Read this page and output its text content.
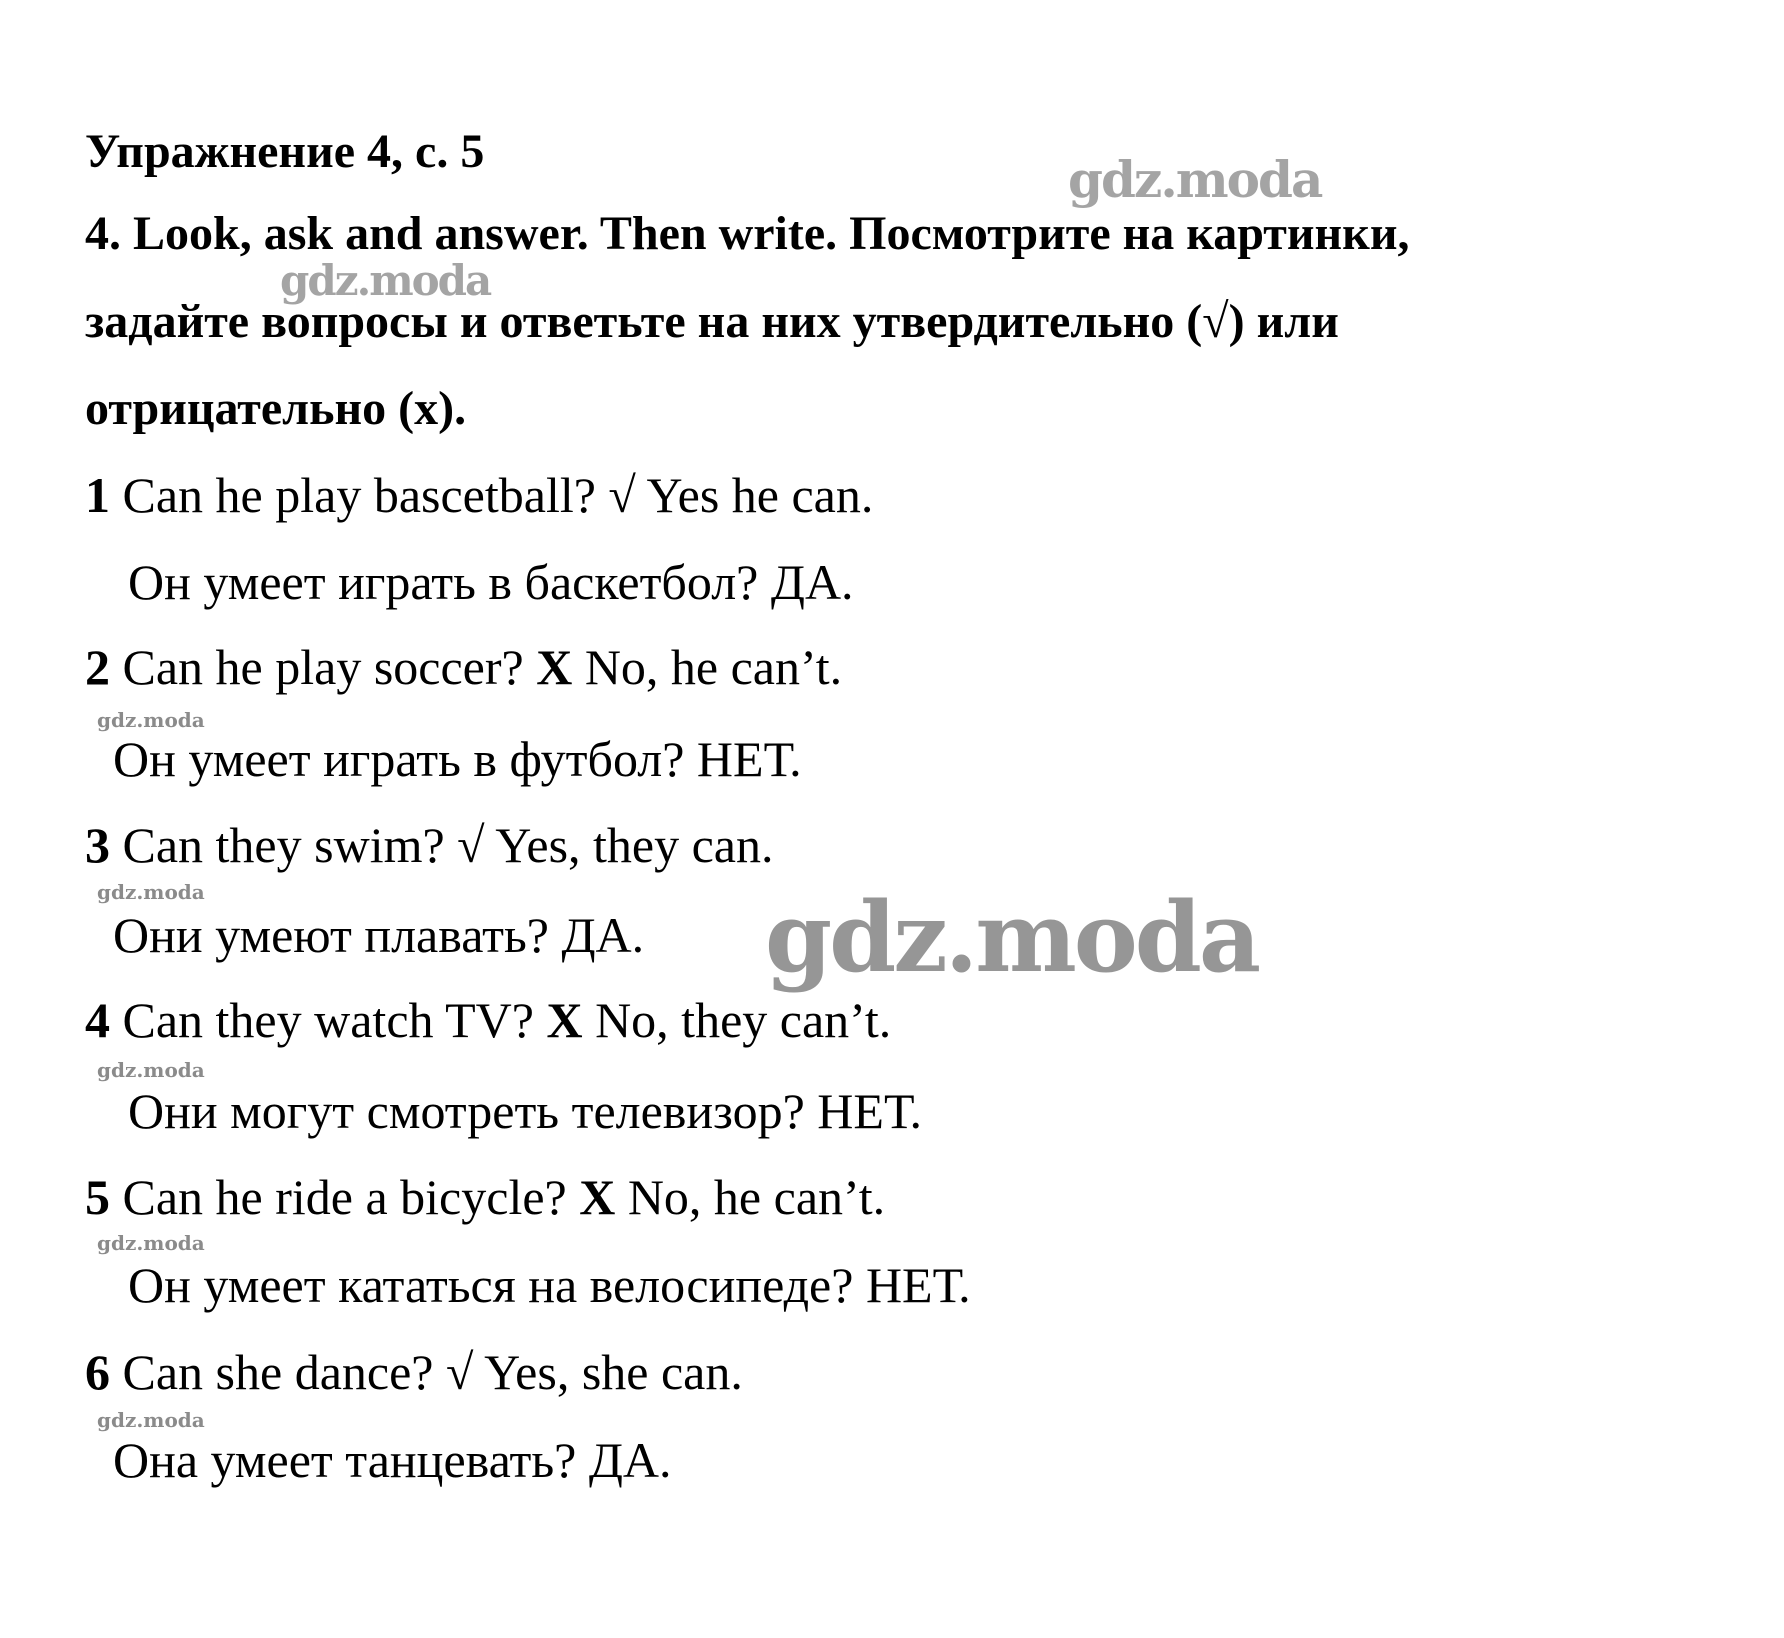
Упражнение 4, с. 5
4. Look, ask and answer. Then write. Посмотрите на картинки,
задайте вопросы и ответьте на них утвердительно (√) или
отрицательно (x).
1 Can he play bascetball? √ Yes he can.
Он умеет играть в баскетбол? ДА.
2 Can he play soccer? X No, he can’t.
Он умеет играть в футбол? НЕТ.
3 Can they swim? √ Yes, they can.
Они умеют плавать? ДА.
4 Can they watch TV? X No, they can’t.
Они могут смотреть телевизор? НЕТ.
5 Can he ride a bicycle? X No, he can’t.
Он умеет кататься на велосипеде? НЕТ.
6 Can she dance? √ Yes, she can.
Она умеет танцевать? ДА.
gdz.moda
gdz.moda
gdz.moda
gdz.moda
gdz.moda
gdz.moda
gdz.moda
gdz.moda
